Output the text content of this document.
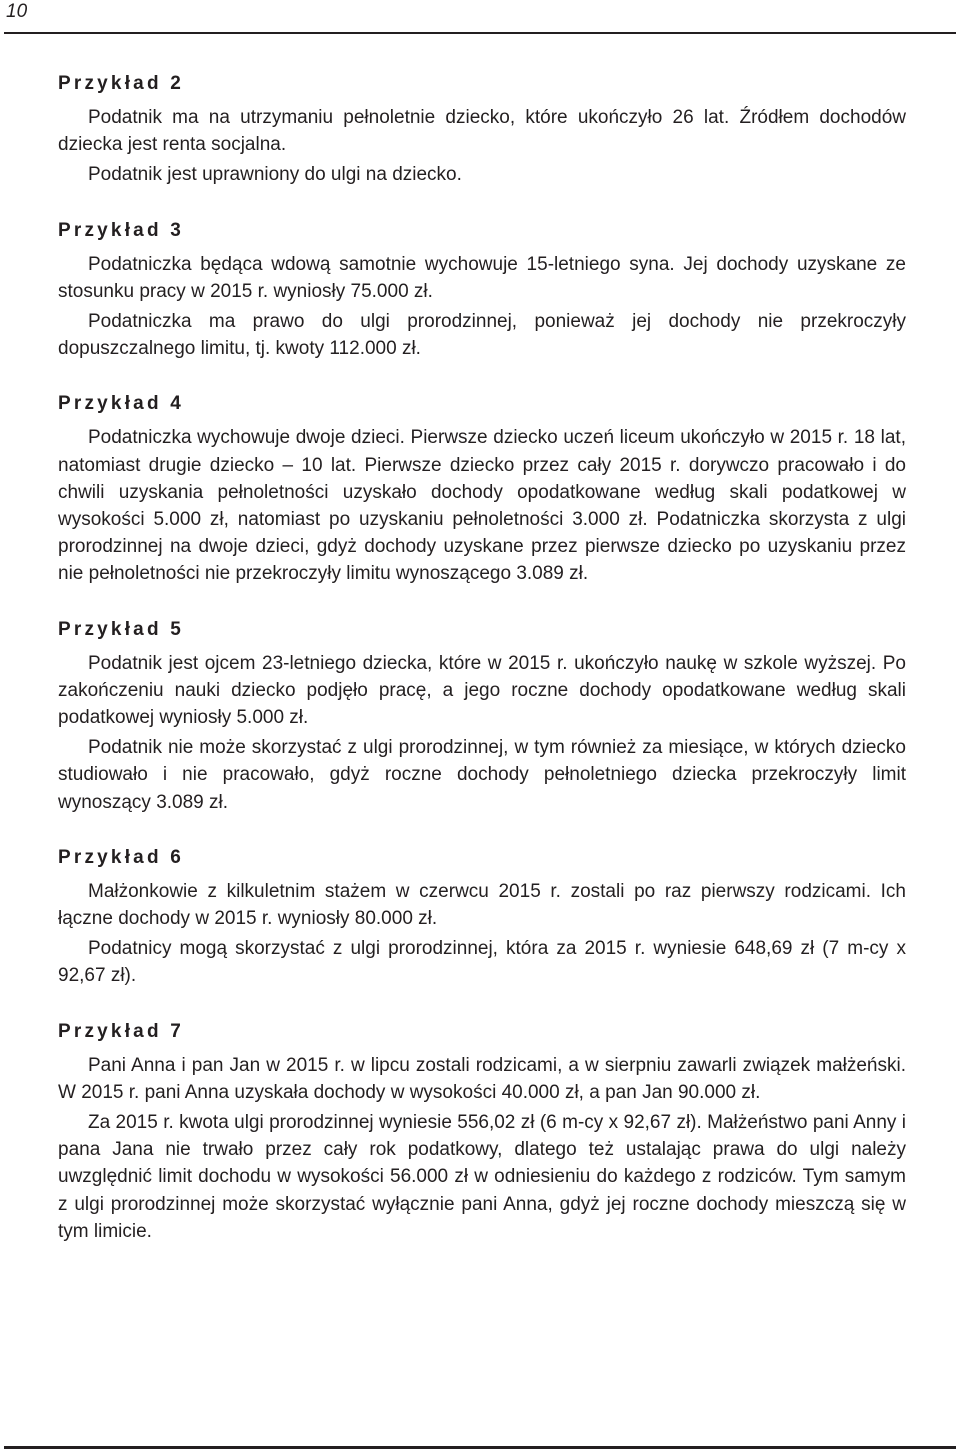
10
Przykład 2

Podatnik ma na utrzymaniu pełnoletnie dziecko, które ukończyło 26 lat. Źródłem dochodów dziecka jest renta socjalna.

Podatnik jest uprawniony do ulgi na dziecko.

Przykład 3

Podatniczka będąca wdową samotnie wychowuje 15-letniego syna. Jej dochody uzyskane ze stosunku pracy w 2015 r. wyniosły 75.000 zł.

Podatniczka ma prawo do ulgi prorodzinnej, ponieważ jej dochody nie przekroczyły dopuszczalnego limitu, tj. kwoty 112.000 zł.

Przykład 4

Podatniczka wychowuje dwoje dzieci. Pierwsze dziecko uczeń liceum ukończyło w 2015 r. 18 lat, natomiast drugie dziecko – 10 lat. Pierwsze dziecko przez cały 2015 r. dorywczo pracowało i do chwili uzyskania pełnoletności uzyskało dochody opodatkowane według skali podatkowej w wysokości 5.000 zł, natomiast po uzyskaniu pełnoletności 3.000 zł. Podatniczka skorzysta z ulgi prorodzinnej na dwoje dzieci, gdyż dochody uzyskane przez pierwsze dziecko po uzyskaniu przez nie pełnoletności nie przekroczyły limitu wynoszącego 3.089 zł.

Przykład 5

Podatnik jest ojcem 23-letniego dziecka, które w 2015 r. ukończyło naukę w szkole wyższej. Po zakończeniu nauki dziecko podjęło pracę, a jego roczne dochody opodatkowane według skali podatkowej wyniosły 5.000 zł.

Podatnik nie może skorzystać z ulgi prorodzinnej, w tym również za miesiące, w których dziecko studiowało i nie pracowało, gdyż roczne dochody pełnoletniego dziecka przekroczyły limit wynoszący 3.089 zł.

Przykład 6

Małżonkowie z kilkuletnim stażem w czerwcu 2015 r. zostali po raz pierwszy rodzicami. Ich łączne dochody w 2015 r. wyniosły 80.000 zł.

Podatnicy mogą skorzystać z ulgi prorodzinnej, która za 2015 r. wyniesie 648,69 zł (7 m-cy x 92,67 zł).

Przykład 7

Pani Anna i pan Jan w 2015 r. w lipcu zostali rodzicami, a w sierpniu zawarli związek małżeński. W 2015 r. pani Anna uzyskała dochody w wysokości 40.000 zł, a pan Jan 90.000 zł.

Za 2015 r. kwota ulgi prorodzinnej wyniesie 556,02 zł (6 m-cy x 92,67 zł). Małżeństwo pani Anny i pana Jana nie trwało przez cały rok podatkowy, dlatego też ustalając prawa do ulgi należy uwzględnić limit dochodu w wysokości 56.000 zł w odniesieniu do każdego z rodziców. Tym samym z ulgi prorodzinnej może skorzystać wyłącznie pani Anna, gdyż jej roczne dochody mieszczą się w tym limicie.
